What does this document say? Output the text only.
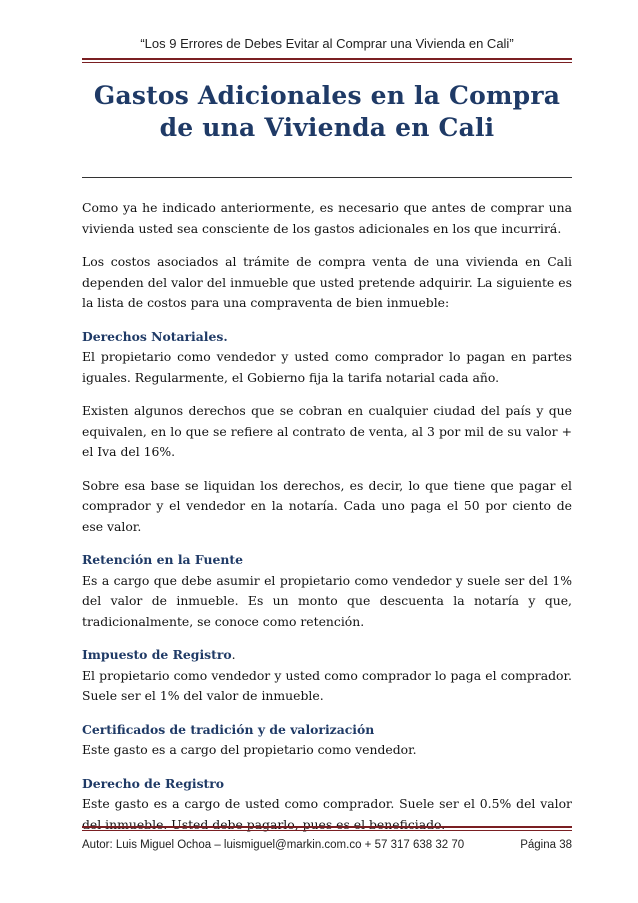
“Los 9 Errores de Debes Evitar al Comprar una Vivienda en Cali”
Gastos Adicionales en la Compra
de una Vivienda en Cali

Como ya he indicado anteriormente, es necesario que antes de comprar una vivienda usted sea consciente de los gastos adicionales en los que incurrirá.

Los costos asociados al trámite de compra venta de una vivienda en Cali dependen del valor del inmueble que usted pretende adquirir. La siguiente es la lista de costos para una compraventa de bien inmueble:

Derechos Notariales.
El propietario como vendedor y usted como comprador lo pagan en partes iguales. Regularmente, el Gobierno fija la tarifa notarial cada año.

Existen algunos derechos que se cobran en cualquier ciudad del país y que equivalen, en lo que se refiere al contrato de venta, al 3 por mil de su valor + el Iva del 16%.

Sobre esa base se liquidan los derechos, es decir, lo que tiene que pagar el comprador y el vendedor en la notaría. Cada uno paga el 50 por ciento de ese valor.

Retención en la Fuente
Es a cargo que debe asumir el propietario como vendedor y suele ser del 1% del valor de inmueble. Es un monto que descuenta la notaría y que, tradicionalmente, se conoce como retención.

Impuesto de Registro.
El propietario como vendedor y usted como comprador lo paga el comprador. Suele ser el 1% del valor de inmueble.

Certificados de tradición y de valorización
Este gasto es a cargo del propietario como vendedor.

Derecho de Registro
Este gasto es a cargo de usted como comprador. Suele ser el 0.5% del valor del inmueble. Usted debe pagarlo, pues es el beneficiado.

Autor: Luis Miguel Ochoa – luismiguel@markin.com.co + 57 317 638 32 70	Página 38
